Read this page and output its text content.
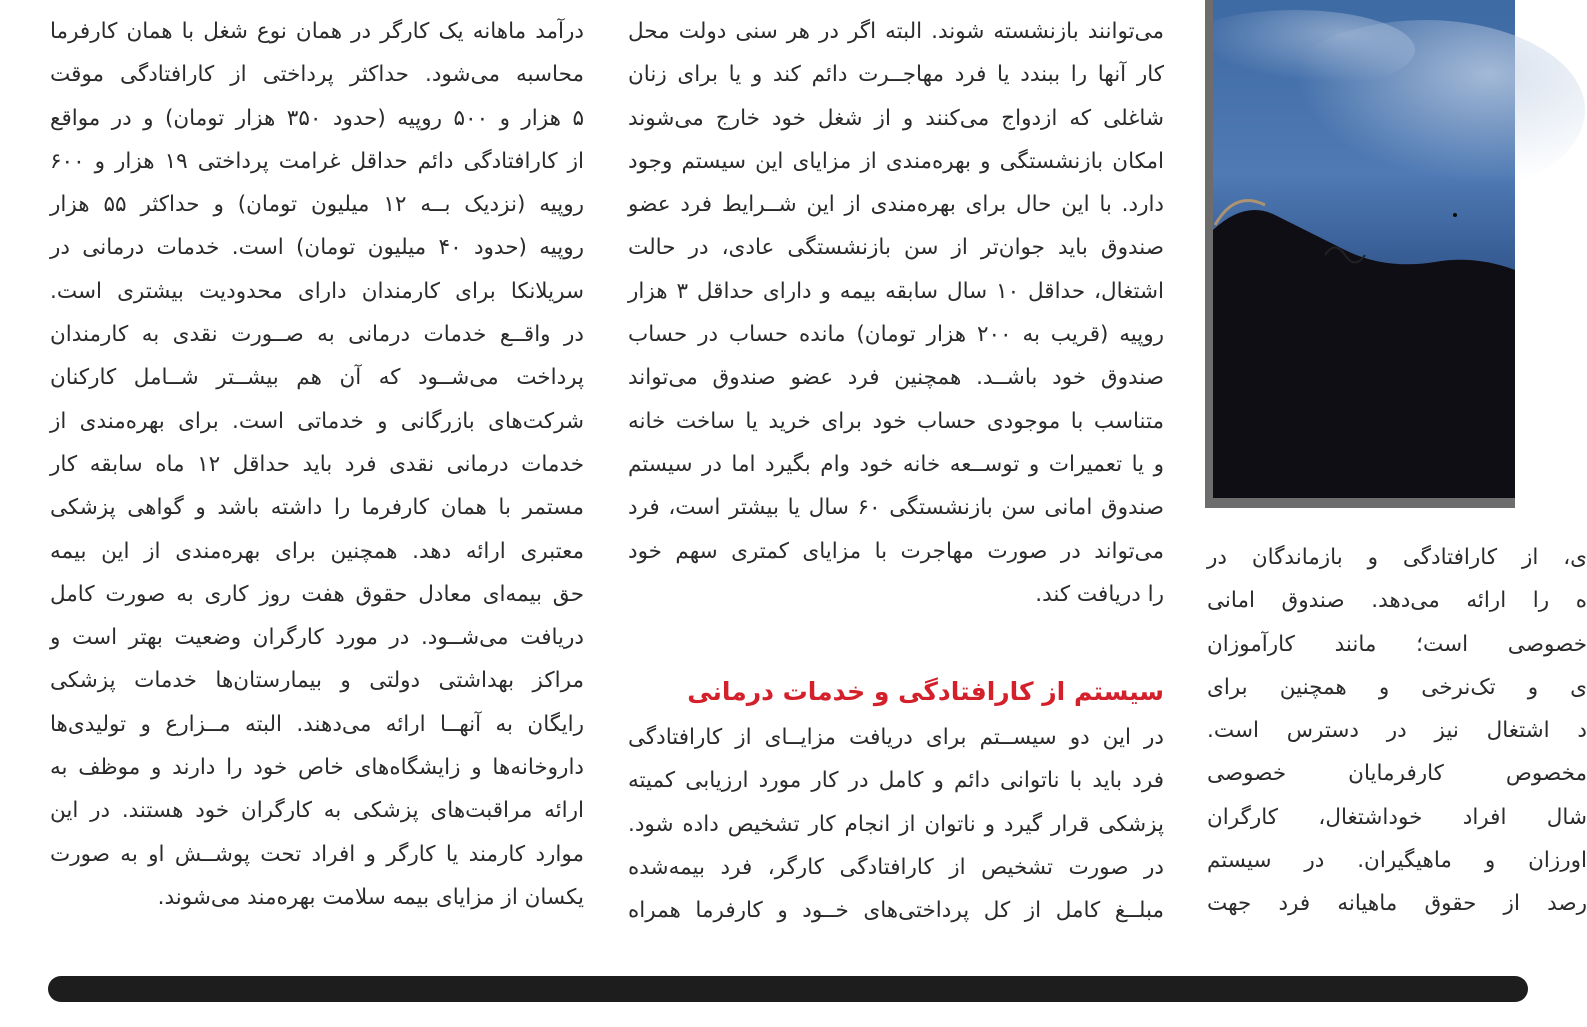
درآمد ماهانه یک کارگر در همان نوع شغل با همان کارفرما
محاسبه می‌شود. حداکثر پرداختی از کارافتادگی موقت
۵ هزار و ۵۰۰ روپیه (حدود ۳۵۰ هزار تومان) و در مواقع
از کارافتادگی دائم حداقل غرامت پرداختی ۱۹ هزار و ۶۰۰
روپیه (نزدیک بــه ۱۲ میلیون تومان) و حداکثر ۵۵ هزار
روپیه (حدود ۴۰ میلیون تومان) است. خدمات درمانی در
سریلانکا برای کارمندان دارای محدودیت بیشتری است.
در واقــع خدمات درمانی به صــورت نقدی به کارمندان
پرداخت می‌شــود که آن هم بیشــتر شــامل کارکنان
شرکت‌های بازرگانی و خدماتی است. برای بهره‌مندی از
خدمات درمانی نقدی فرد باید حداقل ۱۲ ماه سابقه کار
مستمر با همان کارفرما را داشته باشد و گواهی پزشکی
معتبری ارائه دهد. همچنین برای بهره‌مندی از این بیمه
حق بیمه‌ای معادل حقوق هفت روز کاری به صورت کامل
دریافت می‌شــود. در مورد کارگران وضعیت بهتر است و
مراکز بهداشتی دولتی و بیمارستان‌ها خدمات پزشکی
رایگان به آنهــا ارائه می‌دهند. البته مــزارع و تولیدی‌ها
داروخانه‌ها و زایشگاه‌های خاص خود را دارند و موظف به
ارائه مراقبت‌های پزشکی به کارگران خود هستند. در این
موارد کارمند یا کارگر و افراد تحت پوشــش او به صورت
یکسان از مزایای بیمه سلامت بهره‌مند می‌شوند.
می‌توانند بازنشسته شوند. البته اگر در هر سنی دولت محل
کار آنها را ببندد یا فرد مهاجــرت دائم کند و یا برای زنان
شاغلی که ازدواج می‌کنند و از شغل خود خارج می‌شوند
امکان بازنشستگی و بهره‌مندی از مزایای این سیستم وجود
دارد. با این حال برای بهره‌مندی از این شــرایط فرد عضو
صندوق باید جوان‌تر از سن بازنشستگی عادی، در حالت
اشتغال، حداقل ۱۰ سال سابقه بیمه و دارای حداقل ۳ هزار
روپیه (قریب به ۲۰۰ هزار تومان) مانده حساب در حساب
صندوق خود باشــد. همچنین فرد عضو صندوق می‌تواند
متناسب با موجودی حساب خود برای خرید یا ساخت خانه
و یا تعمیرات و توســعه خانه خود وام بگیرد اما در سیستم
صندوق امانی سن بازنشستگی ۶۰ سال یا بیشتر است، فرد
می‌تواند در صورت مهاجرت با مزایای کمتری سهم خود
را دریافت کند.
سیستم از کارافتادگی و خدمات درمانی
در این دو سیســتم برای دریافت مزایــای از کارافتادگی
فرد باید با ناتوانی دائم و کامل در کار مورد ارزیابی کمیته
پزشکی قرار گیرد و ناتوان از انجام کار تشخیص داده شود.
در صورت تشخیص از کارافتادگی کارگر، فرد بیمه‌شده
مبلــغ کامل از کل پرداختی‌های خــود و کارفرما همراه
ی، از کارافتادگی و بازماندگان در
ه را ارائه می‌دهد. صندوق امانی
خصوصی است؛ مانند کارآموزان
ی و تک‌نرخی و همچنین برای
د اشتغال نیز در دسترس است.
مخصوص کارفرمایان خصوصی
شال افراد خوداشتغال، کارگران
اورزان و ماهیگیران. در سیستم
رصد از حقوق ماهیانه فرد جهت
